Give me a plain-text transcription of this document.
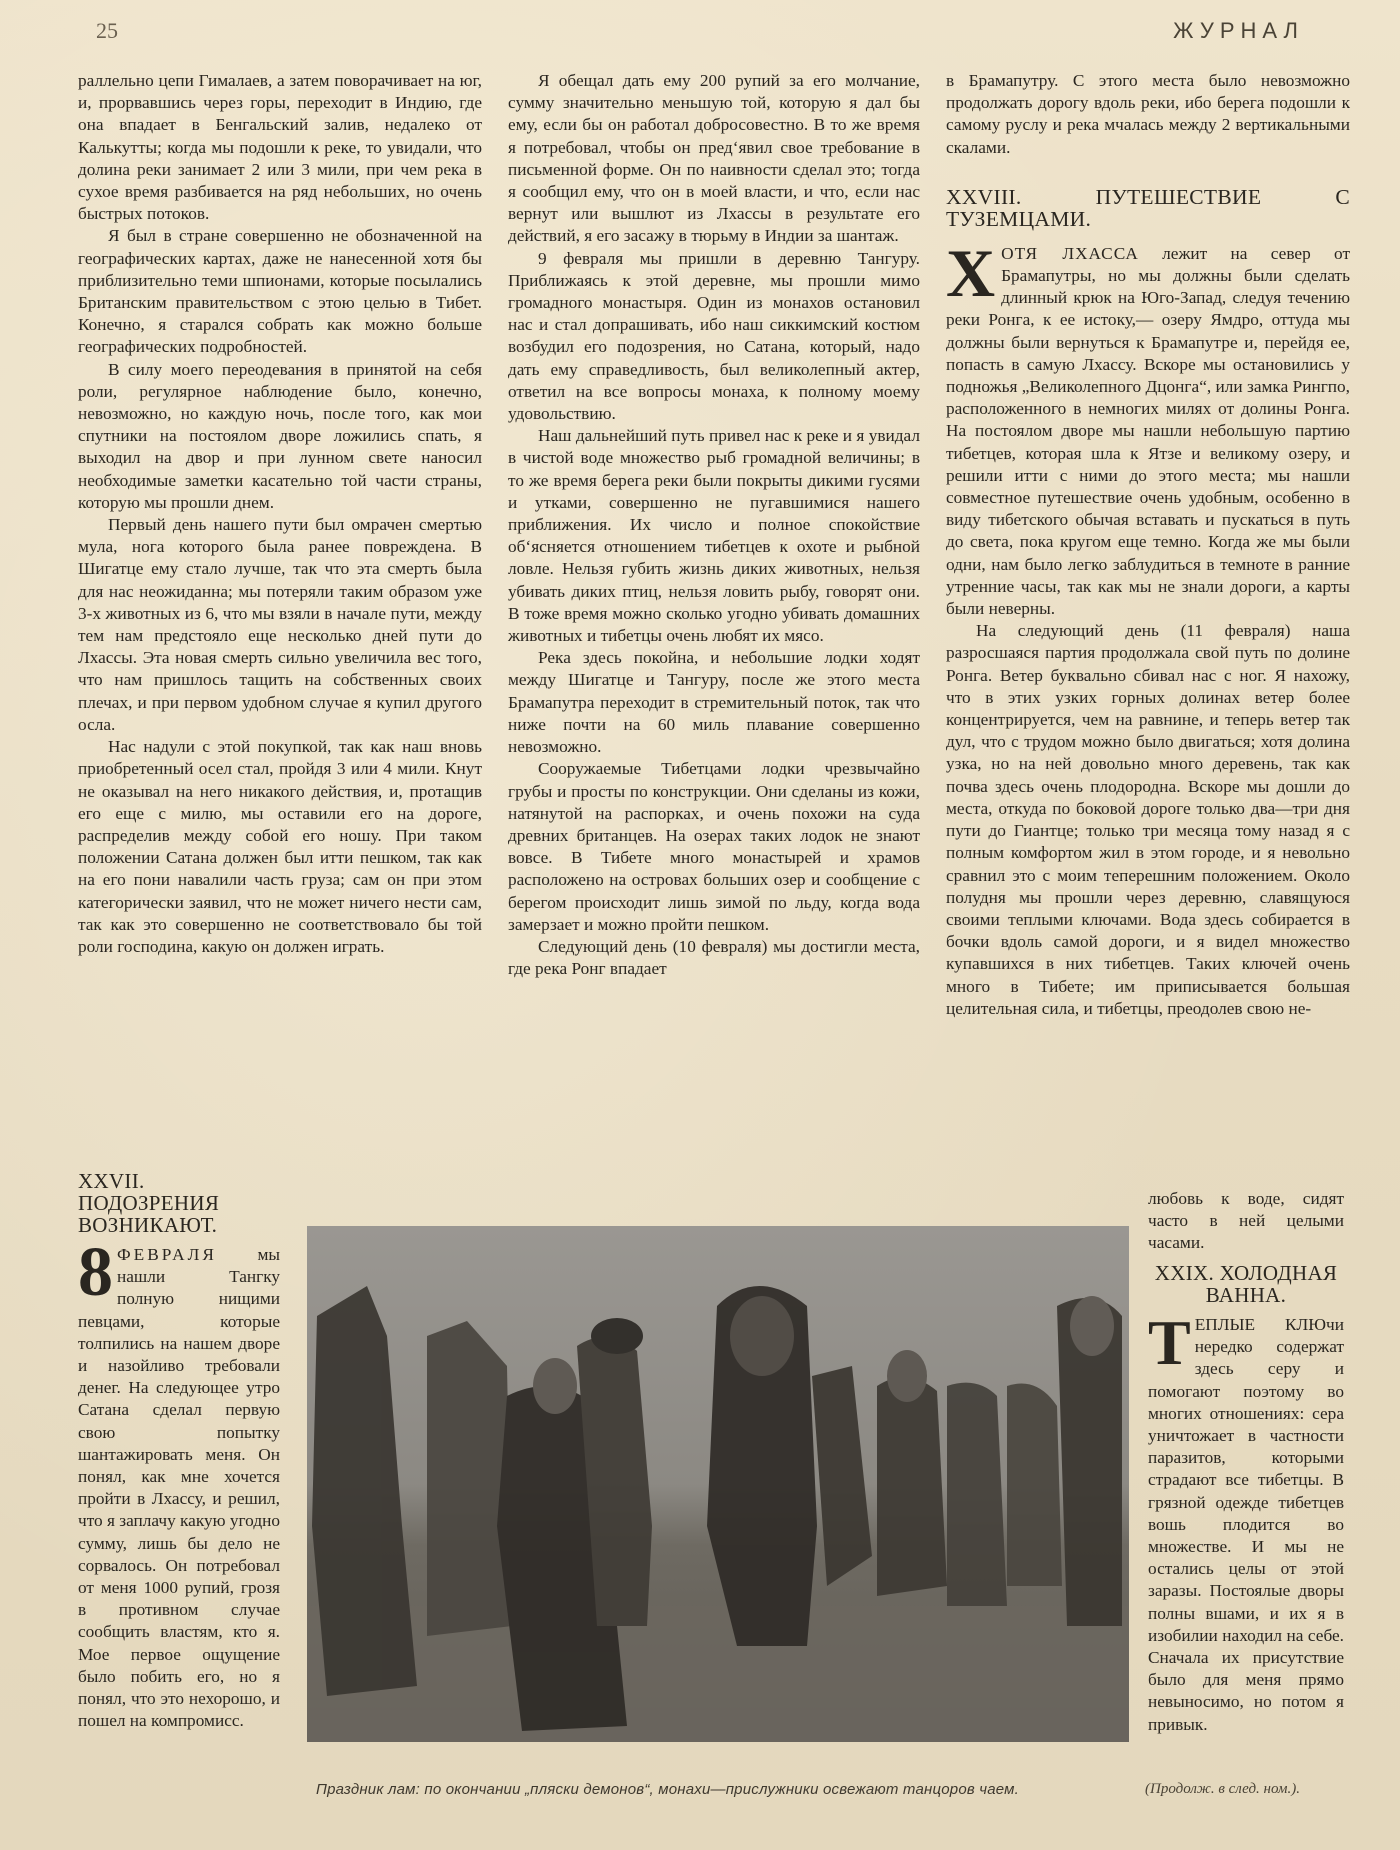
25	ЖУРНАЛ

раллельно цепи Гималаев, а затем поворачивает на юг, и, прорвавшись через горы, переходит в Индию, где она впадает в Бенгальский залив, недалеко от Калькутты; когда мы подошли к реке, то увидали, что долина реки занимает 2 или 3 мили, при чем река в сухое время разбивается на ряд небольших, но очень быстрых потоков.

Я был в стране совершенно не обозначенной на географических картах, даже не нанесенной хотя бы приблизительно теми шпионами, которые посылались Британским правительством с этою целью в Тибет. Конечно, я старался собрать как можно больше географических подробностей.

В силу моего переодевания в принятой на себя роли, регулярное наблюдение было, конечно, невозможно, но каждую ночь, после того, как мои спутники на постоялом дворе ложились спать, я выходил на двор и при лунном свете наносил необходимые заметки касательно той части страны, которую мы прошли днем.

Первый день нашего пути был омрачен смертью мула, нога которого была ранее повреждена. В Шигатце ему стало лучше, так что эта смерть была для нас неожиданна; мы потеряли таким образом уже 3-х животных из 6, что мы взяли в начале пути, между тем нам предстояло еще несколько дней пути до Лхассы. Эта новая смерть сильно увеличила вес того, что нам пришлось тащить на собственных своих плечах, и при первом удобном случае я купил другого осла.

Нас надули с этой покупкой, так как наш вновь приобретенный осел стал, пройдя 3 или 4 мили. Кнут не оказывал на него никакого действия, и, протащив его еще с милю, мы оставили его на дороге, распределив между собой его ношу. При таком положении Сатана должен был итти пешком, так как на его пони навалили часть груза; сам он при этом категорически заявил, что не может ничего нести сам, так как это совершенно не соответствовало бы той роли господина, какую он должен играть.

XXVII. ПОДОЗРЕНИЯ ВОЗНИКАЮТ.

8 ФЕВРАЛЯ мы нашли Тангку полную нищими певцами, которые толпились на нашем дворе и назойливо требовали денег. На следующее утро Сатана сделал первую свою попытку шантажировать меня. Он понял, как мне хочется пройти в Лхассу, и решил, что я заплачу какую угодно сумму, лишь бы дело не сорвалось. Он потребовал от меня 1000 рупий, грозя в противном случае сообщить властям, кто я. Мое первое ощущение было побить его, но я понял, что это нехорошо, и пошел на компромисс.

Я обещал дать ему 200 рупий за его молчание, сумму значительно меньшую той, которую я дал бы ему, если бы он работал добросовестно. В то же время я потребовал, чтобы он пред‘явил свое требование в письменной форме. Он по наивности сделал это; тогда я сообщил ему, что он в моей власти, и что, если нас вернут или вышлют из Лхассы в результате его действий, я его засажу в тюрьму в Индии за шантаж.

9 февраля мы пришли в деревню Тангуру. Приближаясь к этой деревне, мы прошли мимо громадного монастыря. Один из монахов остановил нас и стал допрашивать, ибо наш сиккимский костюм возбудил его подозрения, но Сатана, который, надо дать ему справедливость, был великолепный актер, ответил на все вопросы монаха, к полному моему удовольствию.

Наш дальнейший путь привел нас к реке и я увидал в чистой воде множество рыб громадной величины; в то же время берега реки были покрыты дикими гусями и утками, совершенно не пугавшимися нашего приближения. Их число и полное спокойствие об‘ясняется отношением тибетцев к охоте и рыбной ловле. Нельзя губить жизнь диких животных, нельзя убивать диких птиц, нельзя ловить рыбу, говорят они. В тоже время можно сколько угодно убивать домашних животных и тибетцы очень любят их мясо.

Река здесь покойна, и небольшие лодки ходят между Шигатце и Тангуру, после же этого места Брамапутра переходит в стремительный поток, так что ниже почти на 60 миль плавание совершенно невозможно.

Сооружаемые Тибетцами лодки чрезвычайно грубы и просты по конструкции. Они сделаны из кожи, натянутой на распорках, и очень похожи на суда древних британцев. На озерах таких лодок не знают вовсе. В Тибете много монастырей и храмов расположено на островах больших озер и сообщение с берегом происходит лишь зимой по льду, когда вода замерзает и можно пройти пешком.

Следующий день (10 февраля) мы достигли места, где река Ронг впадает

в Брамапутру. С этого места было невозможно продолжать дорогу вдоль реки, ибо берега подошли к самому руслу и река мчалась между 2 вертикальными скалами.

XXVIII. ПУТЕШЕСТВИЕ С ТУЗЕМЦАМИ.

ХОТЯ ЛХАССА лежит на север от Брамапутры, но мы должны были сделать длинный крюк на Юго-Запад, следуя течению реки Ронга, к ее истоку,— озеру Ямдро, оттуда мы должны были вернуться к Брамапутре и, перейдя ее, попасть в самую Лхассу. Вскоре мы остановились у подножья „Великолепного Дцонга“, или замка Рингпо, расположенного в немногих милях от долины Ронга. На постоялом дворе мы нашли небольшую партию тибетцев, которая шла к Ятзе и великому озеру, и решили итти с ними до этого места; мы нашли совместное путешествие очень удобным, особенно в виду тибетского обычая вставать и пускаться в путь до света, пока кругом еще темно. Когда же мы были одни, нам было легко заблудиться в темноте в ранние утренние часы, так как мы не знали дороги, а карты были неверны.

На следующий день (11 февраля) наша разросшаяся партия продолжала свой путь по долине Ронга. Ветер буквально сбивал нас с ног. Я нахожу, что в этих узких горных долинах ветер более концентрируется, чем на равнине, и теперь ветер так дул, что с трудом можно было двигаться; хотя долина узка, но на ней довольно много деревень, так как почва здесь очень плодородна. Вскоре мы дошли до места, откуда по боковой дороге только два—три дня пути до Гиантце; только три месяца тому назад я с полным комфортом жил в этом городе, и я невольно сравнил это с моим теперешним положением. Около полудня мы прошли через деревню, славящуюся своими теплыми ключами. Вода здесь собирается в бочки вдоль самой дороги, и я видел множество купавшихся в них тибетцев. Таких ключей очень много в Тибете; им приписывается большая целительная сила, и тибетцы, преодолев свою не-

любовь к воде, сидят часто в ней целыми часами.

XXIX. ХОЛОДНАЯ ВАННА.

ТЕПЛЫЕ КЛЮчи нередко содержат здесь серу и помогают поэтому во многих отношениях: сера уничтожает в частности паразитов, которыми страдают все тибетцы. В грязной одежде тибетцев вошь плодится во множестве. И мы не остались целы от этой заразы. Постоялые дворы полны вшами, и их я в изобилии находил на себе. Сначала их присутствие было для меня прямо невыносимо, но потом я привык.

Праздник лам: по окончании „пляски демонов“, монахи—прислужники освежают танцоров чаем.	(Продолж. в след. ном.).
